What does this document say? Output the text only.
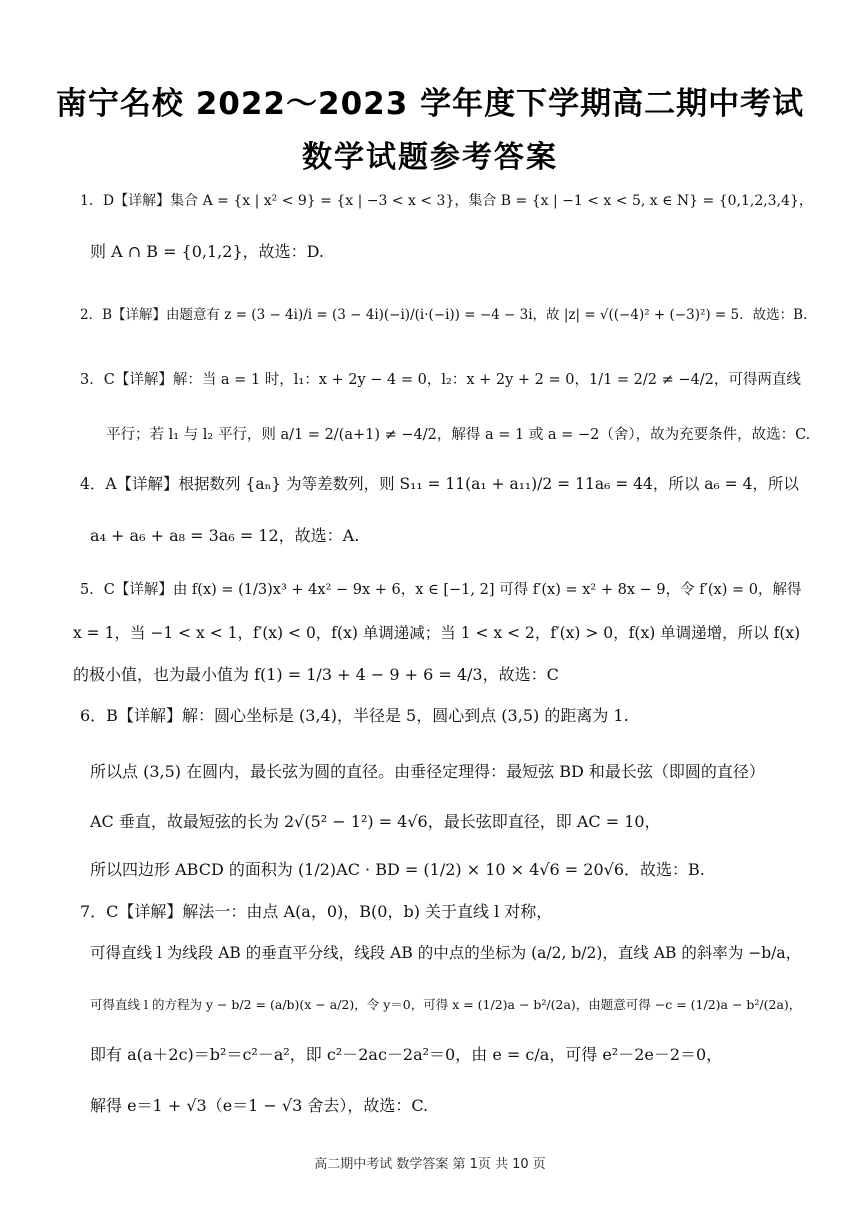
南宁名校 2022～2023 学年度下学期高二期中考试
数学试题参考答案
1．D【详解】集合 A = {x | x² < 9} = {x | −3 < x < 3}，集合 B = {x | −1 < x < 5, x ∈ N} = {0,1,2,3,4}，
则 A ∩ B = {0,1,2}，故选：D.
2．B【详解】由题意有 z = (3 − 4i)/i = (3 − 4i)(−i)/(i·(−i)) = −4 − 3i，故 |z| = √((−4)² + (−3)²) = 5．故选：B.
3．C【详解】解：当 a = 1 时，l₁：x + 2y − 4 = 0，l₂：x + 2y + 2 = 0，1/1 = 2/2 ≠ −4/2，可得两直线
平行；若 l₁ 与 l₂ 平行，则 a/1 = 2/(a+1) ≠ −4/2，解得 a = 1 或 a = −2（舍），故为充要条件，故选：C.
4．A【详解】根据数列 {aₙ} 为等差数列，则 S₁₁ = 11(a₁ + a₁₁)/2 = 11a₆ = 44，所以 a₆ = 4，所以
a₄ + a₆ + a₈ = 3a₆ = 12，故选：A.
5．C【详解】由 f(x) = (1/3)x³ + 4x² − 9x + 6，x ∈ [−1, 2] 可得 f′(x) = x² + 8x − 9，令 f′(x) = 0，解得
x = 1，当 −1 < x < 1，f′(x) < 0，f(x) 单调递减；当 1 < x < 2，f′(x) > 0，f(x) 单调递增，所以 f(x)
的极小值，也为最小值为 f(1) = 1/3 + 4 − 9 + 6 = 4/3，故选：C
6．B【详解】解：圆心坐标是 (3,4)，半径是 5，圆心到点 (3,5) 的距离为 1.
所以点 (3,5) 在圆内，最长弦为圆的直径。由垂径定理得：最短弦 BD 和最长弦（即圆的直径）
AC 垂直，故最短弦的长为 2√(5² − 1²) = 4√6，最长弦即直径，即 AC = 10，
所以四边形 ABCD 的面积为 (1/2)AC · BD = (1/2) × 10 × 4√6 = 20√6．故选：B.
7．C【详解】解法一：由点 A(a，0)，B(0，b) 关于直线 l 对称，
可得直线 l 为线段 AB 的垂直平分线，线段 AB 的中点的坐标为 (a/2, b/2)，直线 AB 的斜率为 −b/a，
可得直线 l 的方程为 y − b/2 = (a/b)(x − a/2)，令 y＝0，可得 x = (1/2)a − b²/(2a)，由题意可得 −c = (1/2)a − b²/(2a)，
即有 a(a＋2c)＝b²＝c²－a²，即 c²－2ac－2a²＝0，由 e = c/a，可得 e²－2e－2＝0，
解得 e＝1 + √3（e＝1 − √3 舍去），故选：C.
高二期中考试 数学答案 第 1页 共 10 页
